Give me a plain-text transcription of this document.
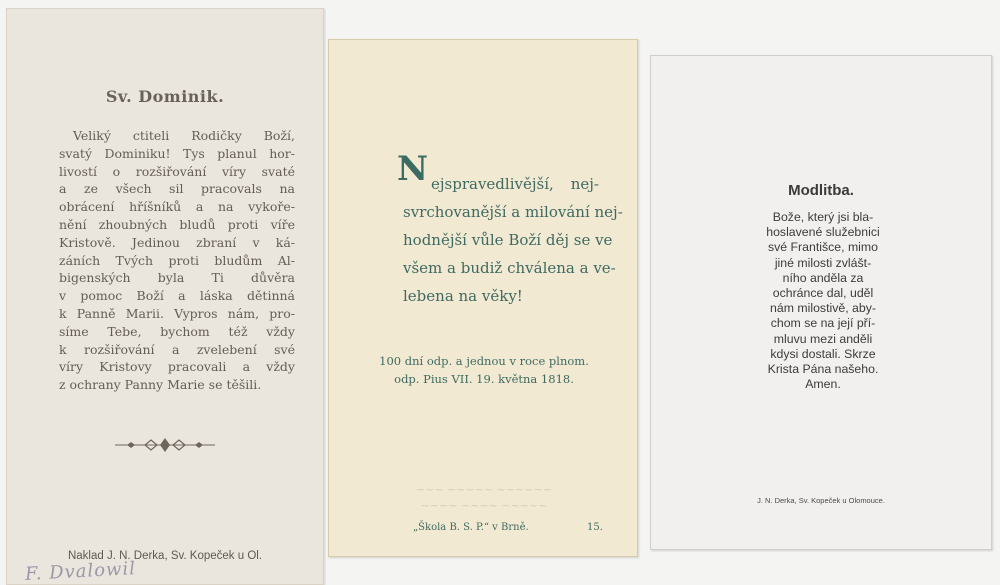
Sv. Dominik.
Veliký ctiteli Rodičky Boží,
svatý Dominiku! Tys planul hor-
livostí o rozšiřování víry svaté
a ze všech sil pracovals na
obrácení hříšníků a na vykoře-
nění zhoubných bludů proti víře
Kristově. Jedinou zbraní v ká-
záních Tvých proti bludům Al-
bigenských byla Ti důvěra
v pomoc Boží a láska dětinná
k Panně Marii. Vypros nám, pro-
síme Tebe, bychom též vždy
k rozšiřování a zvelebení své
víry Kristovy pracovali a vždy
z ochrany Panny Marie se těšili.
Naklad J. N. Derka, Sv. Kopeček u Ol.
F. Dvalowil
N ejspravedlivější, nej-
svrchovanější a milování nej-
hodnější vůle Boží děj se ve
všem a budiž chválena a ve-
lebena na věky!
100 dní odp. a jednou v roce plnom.
odp. Pius VII. 19. května 1818.
~~~ ~~~~~ ~~~~~~
~~~~ ~~~~ ~~~~~
„Škola B. S. P.“ v Brně.	15.
Modlitba.
Bože, který jsi bla-
hoslavené služebnici
své Františce, mimo
jiné milosti zvlášt-
ního anděla za
ochránce dal, uděl
nám milostivě, aby-
chom se na její pří-
mluvu mezi anděli
kdysi dostali. Skrze
Krista Pána našeho.
Amen.
J. N. Derka, Sv. Kopeček u Olomouce.
